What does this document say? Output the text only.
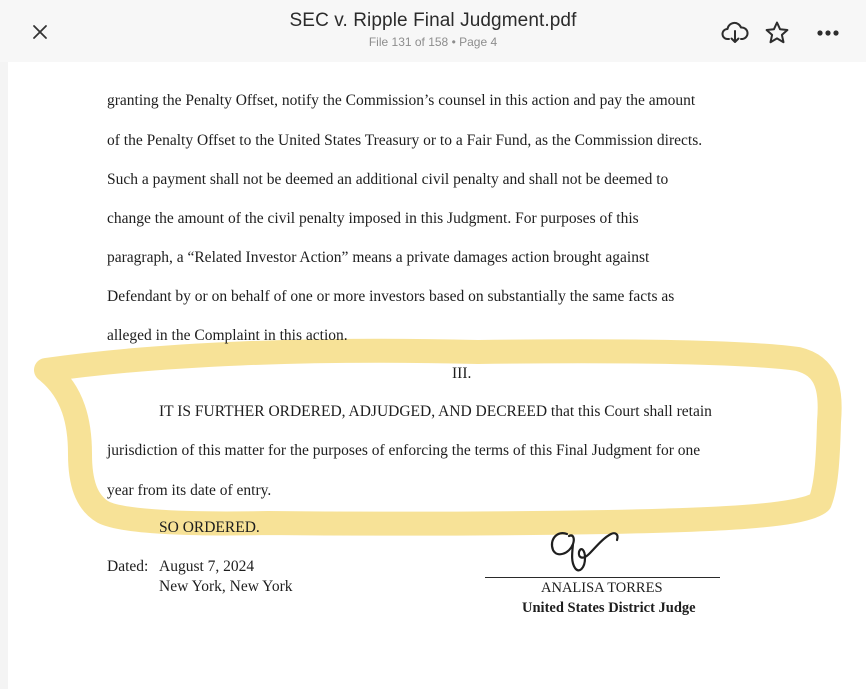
SEC v. Ripple Final Judgment.pdf
File 131 of 158 • Page 4
granting the Penalty Offset, notify the Commission’s counsel in this action and pay the amount
of the Penalty Offset to the United States Treasury or to a Fair Fund, as the Commission directs.
Such a payment shall not be deemed an additional civil penalty and shall not be deemed to
change the amount of the civil penalty imposed in this Judgment. For purposes of this
paragraph, a “Related Investor Action” means a private damages action brought against
Defendant by or on behalf of one or more investors based on substantially the same facts as
alleged in the Complaint in this action.
III.
IT IS FURTHER ORDERED, ADJUDGED, AND DECREED that this Court shall retain
jurisdiction of this matter for the purposes of enforcing the terms of this Final Judgment for one
year from its date of entry.
SO ORDERED.
Dated: August 7, 2024
New York, New York	ANALISA TORRES
United States District Judge
